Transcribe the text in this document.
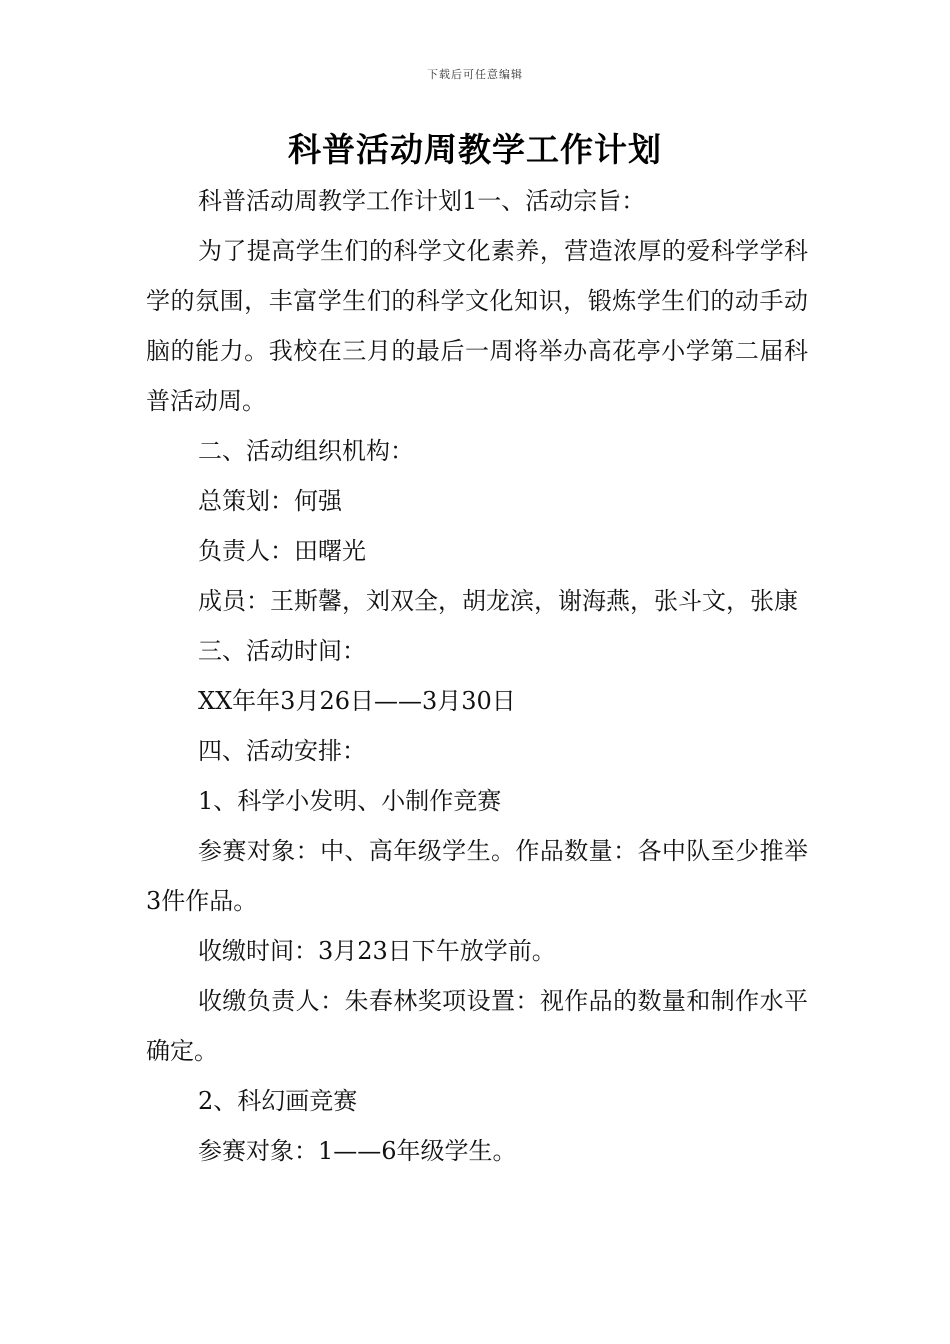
下载后可任意编辑
科普活动周教学工作计划

科普活动周教学工作计划1一、活动宗旨：

为了提高学生们的科学文化素养，营造浓厚的爱科学学科学的氛围，丰富学生们的科学文化知识，锻炼学生们的动手动脑的能力。我校在三月的最后一周将举办高花亭小学第二届科普活动周。

二、活动组织机构：

总策划：何强

负责人：田曙光

成员：王斯馨，刘双全，胡龙滨，谢海燕，张斗文，张康

三、活动时间：

XX年年3月26日——3月30日

四、活动安排：

1、科学小发明、小制作竞赛

参赛对象：中、高年级学生。作品数量：各中队至少推举3件作品。

收缴时间：3月23日下午放学前。

收缴负责人：朱春林奖项设置：视作品的数量和制作水平确定。

2、科幻画竞赛

参赛对象：1——6年级学生。
